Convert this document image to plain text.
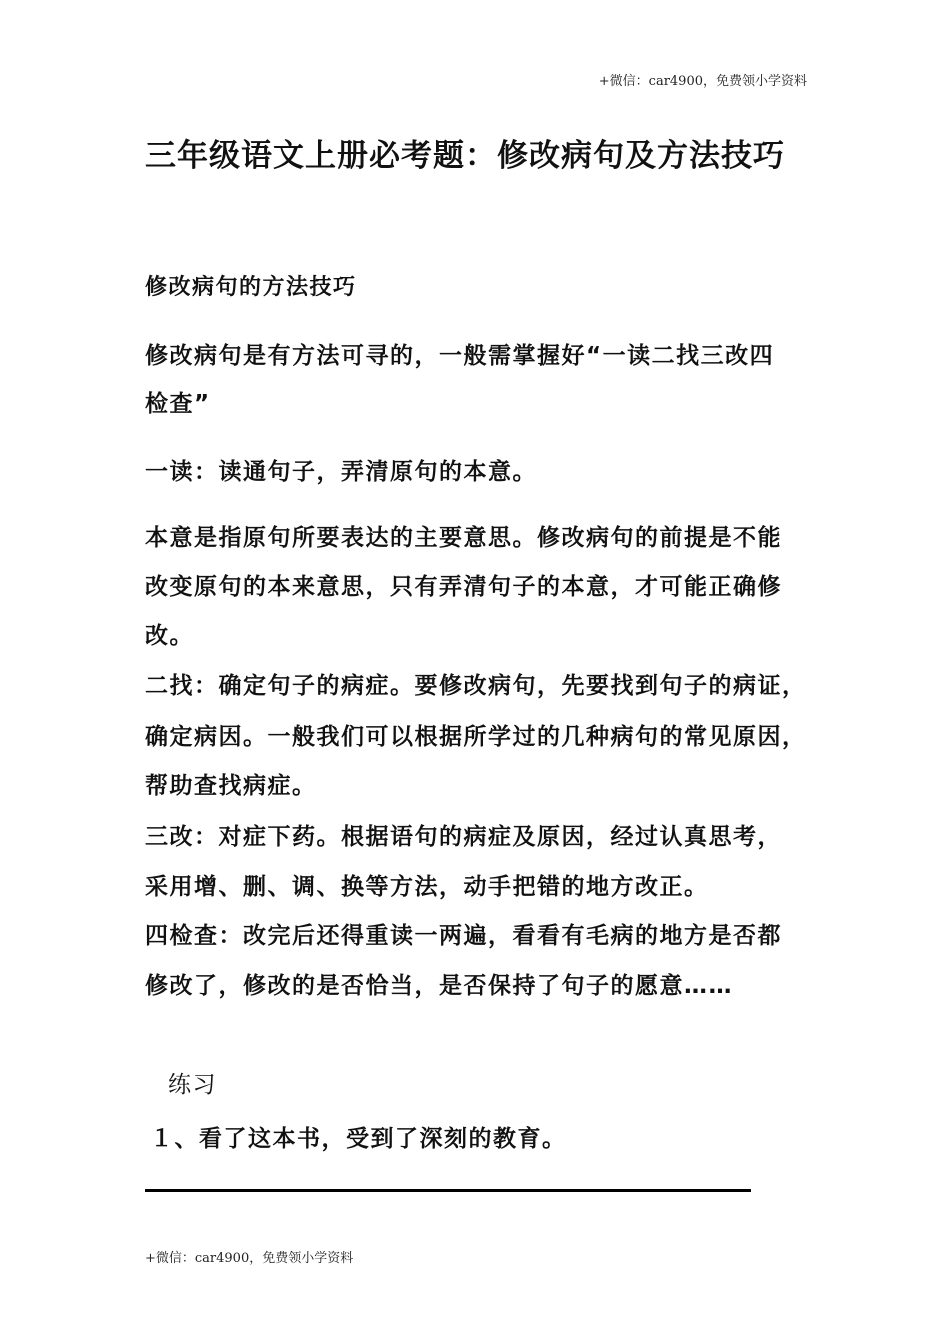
+微信：car4900，免费领小学资料
三年级语文上册必考题：修改病句及方法技巧
修改病句的方法技巧
修改病句是有方法可寻的，一般需掌握好“一读二找三改四
检查”
一读：读通句子，弄清原句的本意。
本意是指原句所要表达的主要意思。修改病句的前提是不能
改变原句的本来意思，只有弄清句子的本意，才可能正确修
改。
二找：确定句子的病症。要修改病句，先要找到句子的病证，
确定病因。一般我们可以根据所学过的几种病句的常见原因，
帮助查找病症。
三改：对症下药。根据语句的病症及原因，经过认真思考，
采用增、删、调、换等方法，动手把错的地方改正。
四检查：改完后还得重读一两遍，看看有毛病的地方是否都
修改了，修改的是否恰当，是否保持了句子的愿意……
练习
１、看了这本书，受到了深刻的教育。
+微信：car4900，免费领小学资料
